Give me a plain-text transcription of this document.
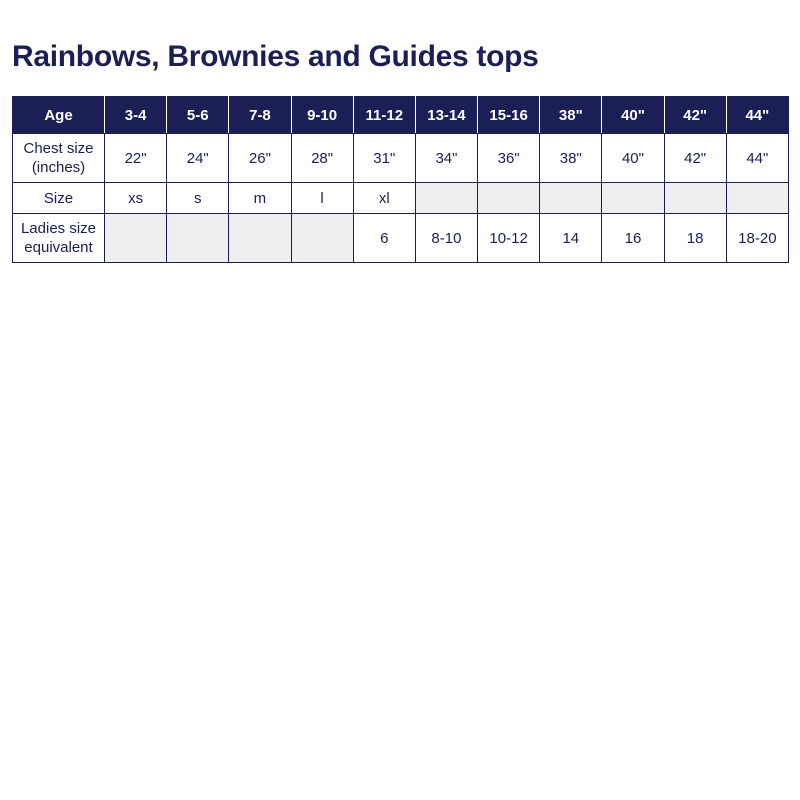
Rainbows, Brownies and Guides tops
Age	3-4	5-6	7-8	9-10	11-12	13-14	15-16	38"	40"	42"	44"
Chest size
(inches)	22"	24"	26"	28"	31"	34"	36"	38"	40"	42"	44"
Size	xs	s	m	l	xl						
Ladies size
equivalent					6	8-10	10-12	14	16	18	18-20
